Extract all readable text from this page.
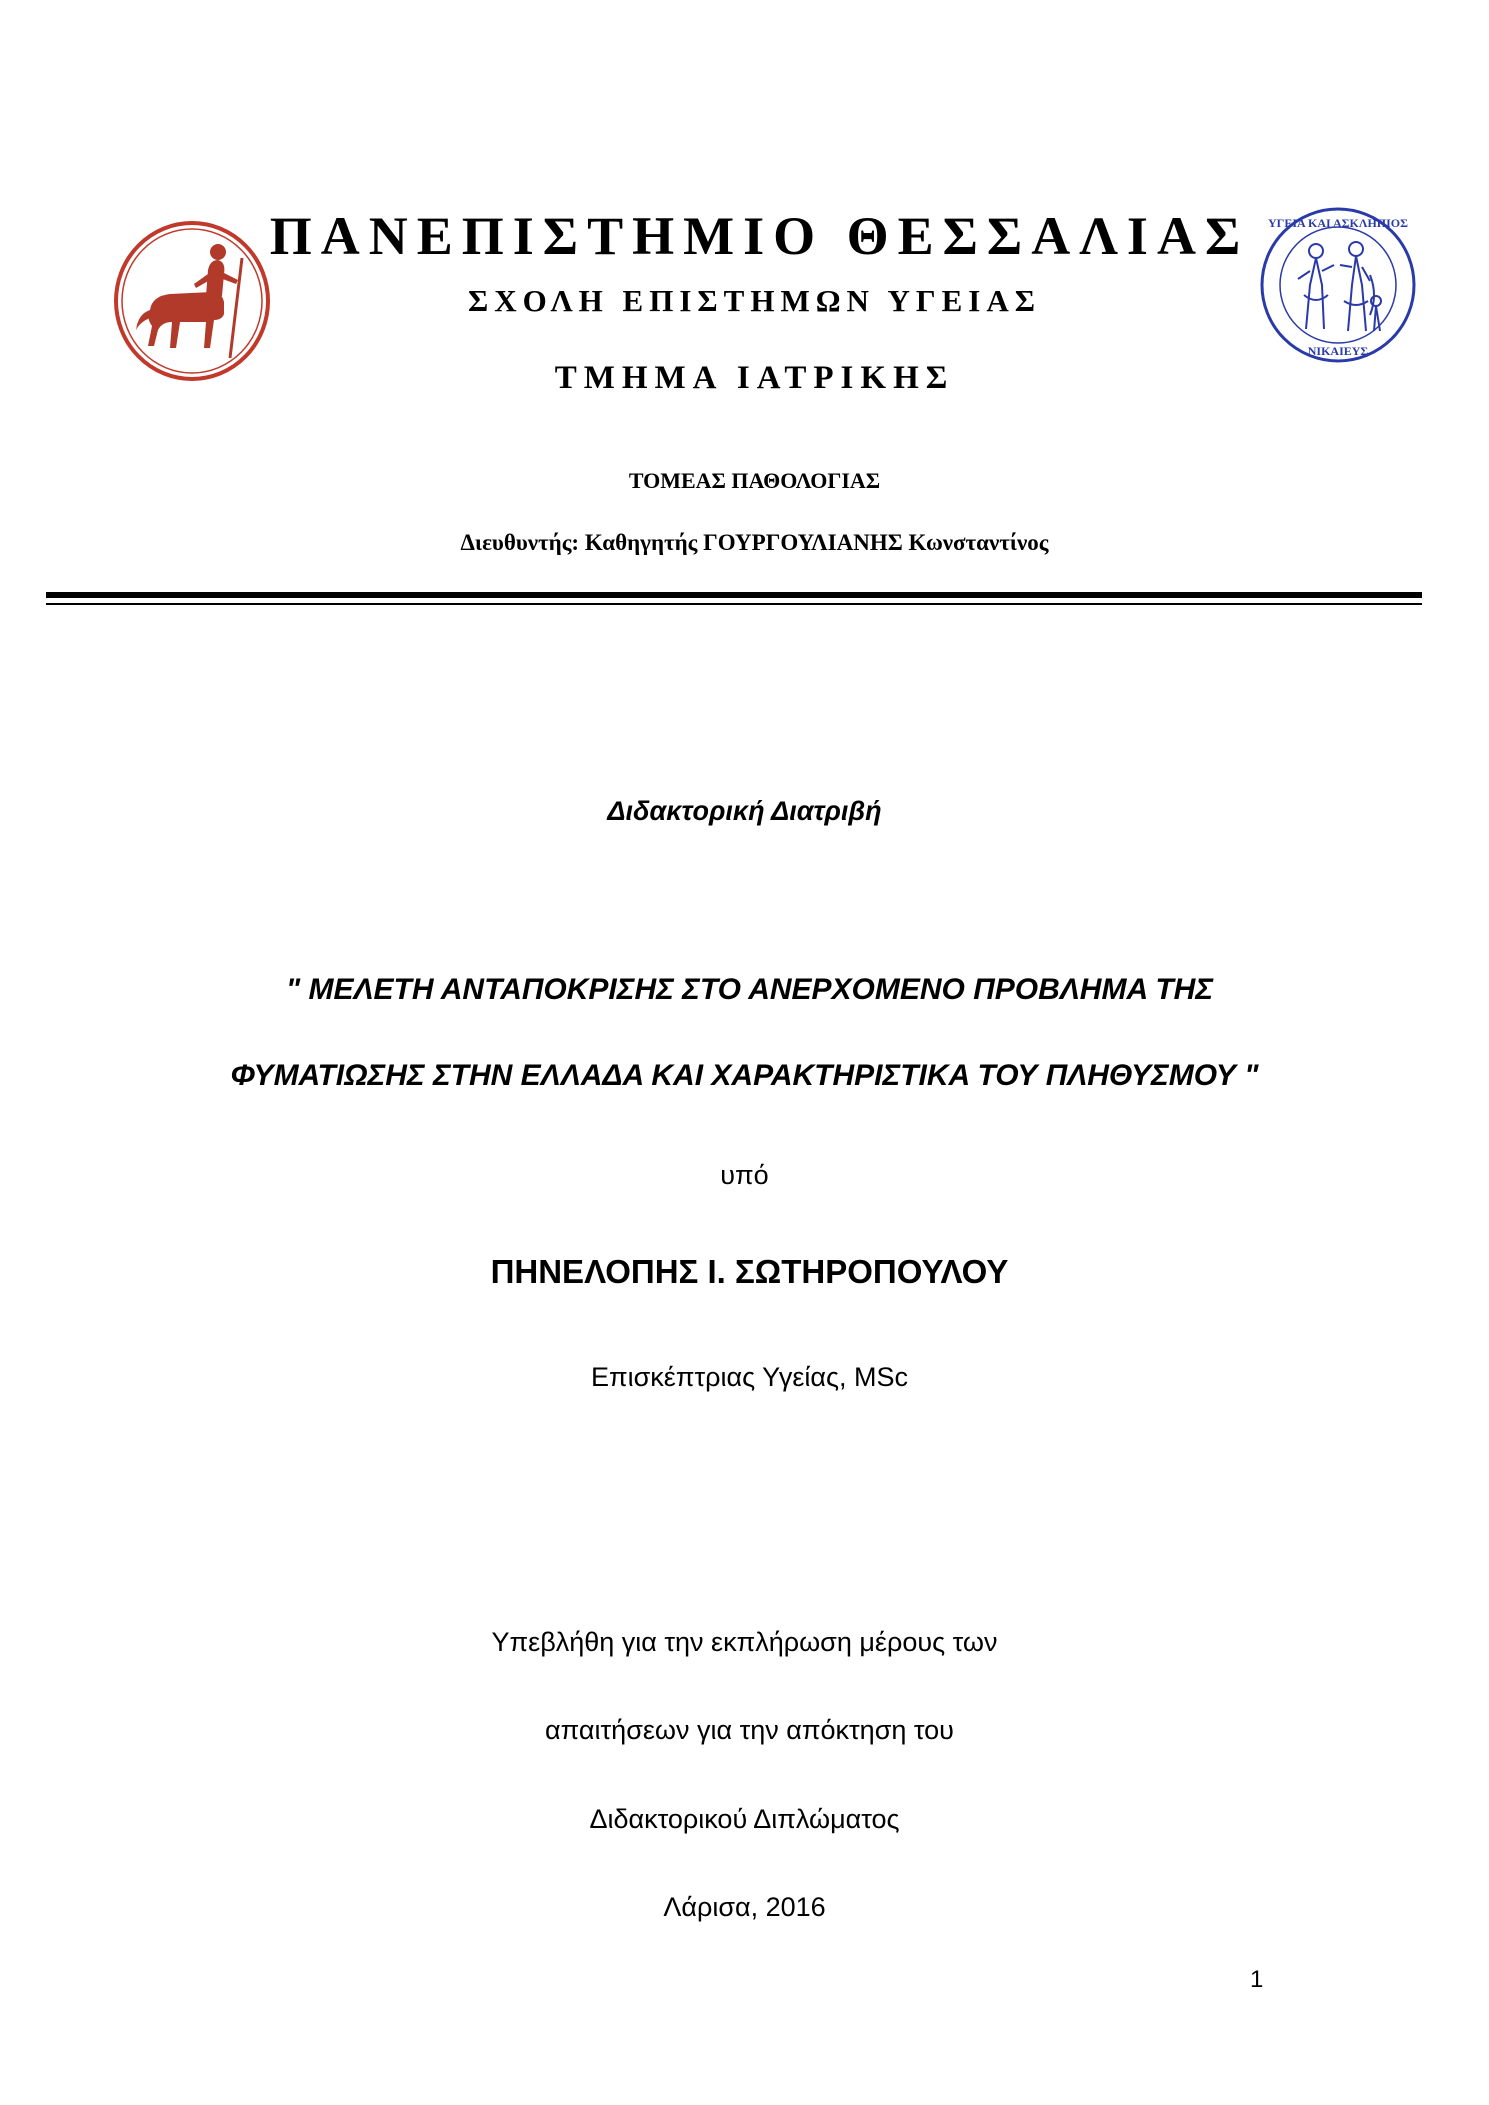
ΥΓΕΙΑ ΚΑΙ ΑΣΚΛΗΠΙΟΣ
ΝΙΚΑΙΕΥΣ
ΠΑΝΕΠΙΣΤΗΜΙΟ ΘΕΣΣΑΛΙΑΣ
ΣΧΟΛΗ ΕΠΙΣΤΗΜΩΝ ΥΓΕΙΑΣ
ΤΜΗΜΑ ΙΑΤΡΙΚΗΣ
ΤΟΜΕΑΣ ΠΑΘΟΛΟΓΙΑΣ
Διευθυντής: Καθηγητής ΓΟΥΡΓΟΥΛΙΑΝΗΣ Κωνσταντίνος
Διδακτορική Διατριβή
" ΜΕΛΕΤΗ ΑΝΤΑΠΟΚΡΙΣΗΣ ΣΤΟ ΑΝΕΡΧΟΜΕΝΟ ΠΡΟΒΛΗΜΑ ΤΗΣ
ΦΥΜΑΤΙΩΣΗΣ ΣΤΗΝ ΕΛΛΑΔΑ ΚΑΙ ΧΑΡΑΚΤΗΡΙΣΤΙΚΑ ΤΟΥ ΠΛΗΘΥΣΜΟΥ "
υπό
ΠΗΝΕΛΟΠΗΣ Ι. ΣΩΤΗΡΟΠΟΥΛΟΥ
Επισκέπτριας Υγείας, MSc
Υπεβλήθη για την εκπλήρωση μέρους των
απαιτήσεων για την απόκτηση του
Διδακτορικού Διπλώματος
Λάρισα, 2016
1
